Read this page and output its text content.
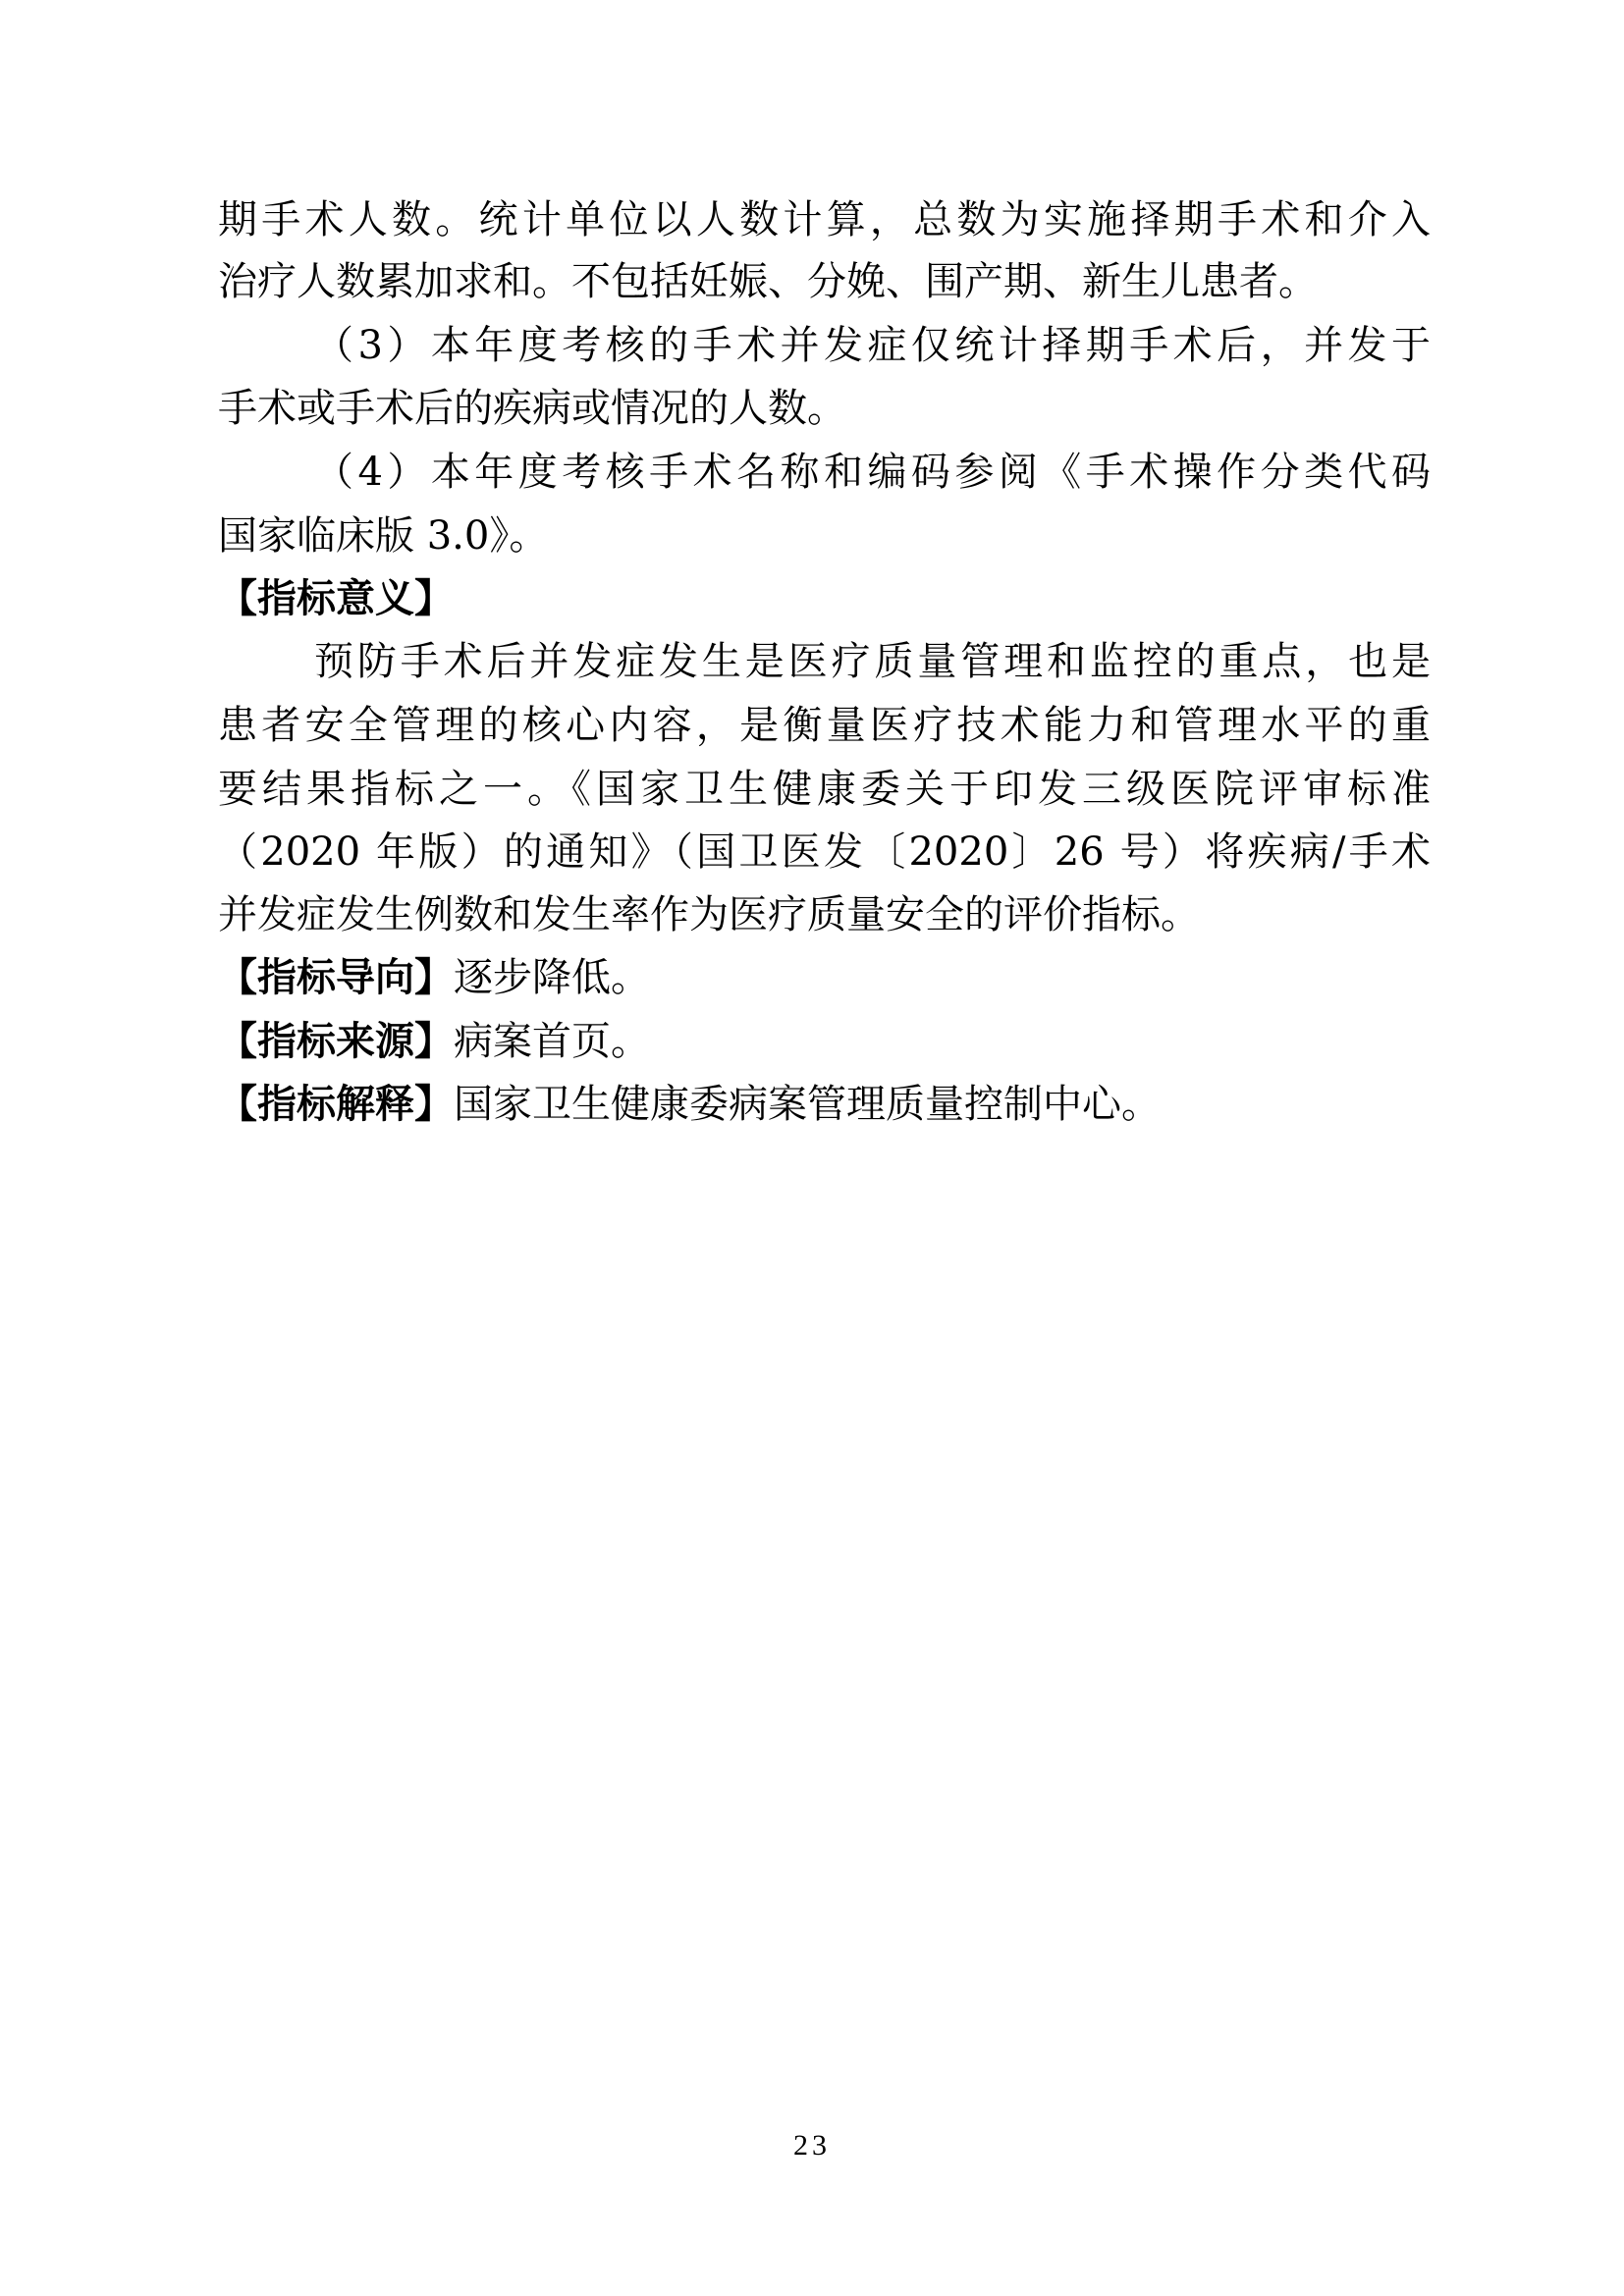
期手术人数。统计单位以人数计算，总数为实施择期手术和介入
治疗人数累加求和。不包括妊娠、分娩、围产期、新生儿患者。
（3）本年度考核的手术并发症仅统计择期手术后，并发于
手术或手术后的疾病或情况的人数。
（4）本年度考核手术名称和编码参阅《手术操作分类代码
国家临床版 3.0》。
【指标意义】
预防手术后并发症发生是医疗质量管理和监控的重点，也是
患者安全管理的核心内容，是衡量医疗技术能力和管理水平的重
要结果指标之一。《国家卫生健康委关于印发三级医院评审标准
（2020 年版）的通知》（国卫医发〔2020〕26 号）将疾病/手术
并发症发生例数和发生率作为医疗质量安全的评价指标。
【指标导向】逐步降低。
【指标来源】病案首页。
【指标解释】国家卫生健康委病案管理质量控制中心。
23
